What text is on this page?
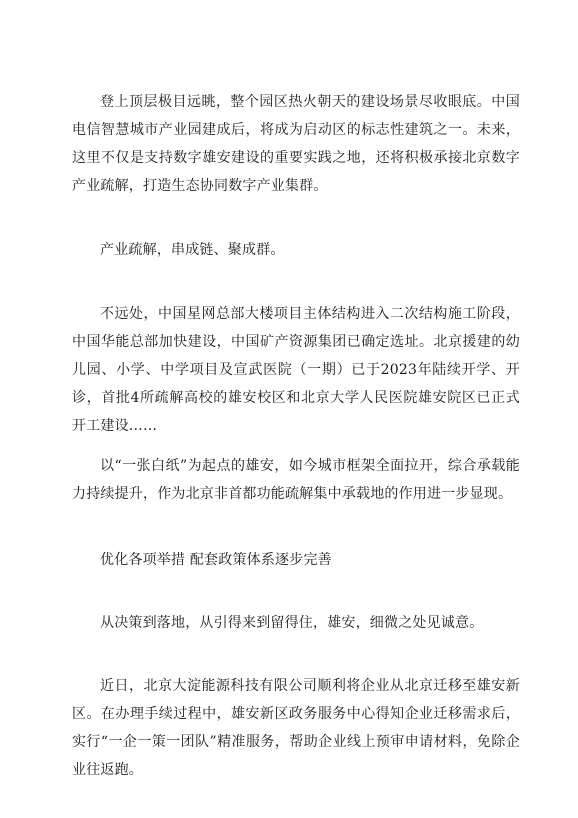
登上顶层极目远眺，整个园区热火朝天的建设场景尽收眼底。中国电信智慧城市产业园建成后，将成为启动区的标志性建筑之一。未来，这里不仅是支持数字雄安建设的重要实践之地，还将积极承接北京数字产业疏解，打造生态协同数字产业集群。

产业疏解，串成链、聚成群。

不远处，中国星网总部大楼项目主体结构进入二次结构施工阶段，中国华能总部加快建设，中国矿产资源集团已确定选址。北京援建的幼儿园、小学、中学项目及宣武医院（一期）已于2023年陆续开学、开诊，首批4所疏解高校的雄安校区和北京大学人民医院雄安院区已正式开工建设……

以“一张白纸”为起点的雄安，如今城市框架全面拉开，综合承载能力持续提升，作为北京非首都功能疏解集中承载地的作用进一步显现。

优化各项举措 配套政策体系逐步完善

从决策到落地，从引得来到留得住，雄安，细微之处见诚意。

近日，北京大淀能源科技有限公司顺利将企业从北京迁移至雄安新区。在办理手续过程中，雄安新区政务服务中心得知企业迁移需求后，实行“一企一策一团队”精准服务，帮助企业线上预审申请材料，免除企业往返跑。
